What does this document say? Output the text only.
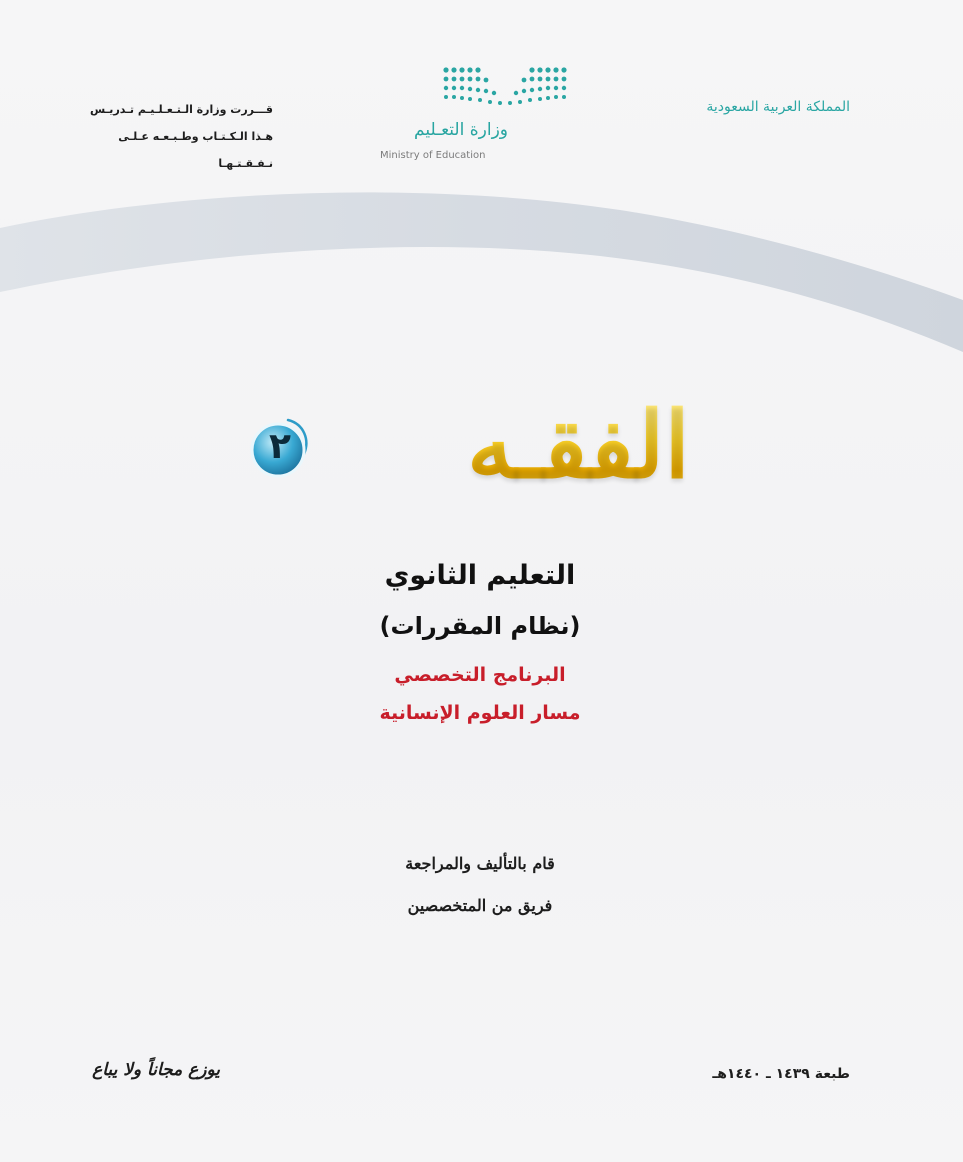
قـــررت وزارة الـتـعـلـيـم تـدريـس
هـذا الـكـتـاب وطـبـعـه عـلـى نـفـقـتـهـا
المملكة العربية السعودية
وزارة التعـليم
Ministry of Education
الفقـه
٢
التعليم الثانوي
(نظام المقررات)
البرنامج التخصصي
مسار العلوم الإنسانية
قام بالتأليف والمراجعة
فريق من المتخصصين
طبعة ١٤٣٩ ـ ١٤٤٠هـ
يوزع مجاناً ولا يباع
